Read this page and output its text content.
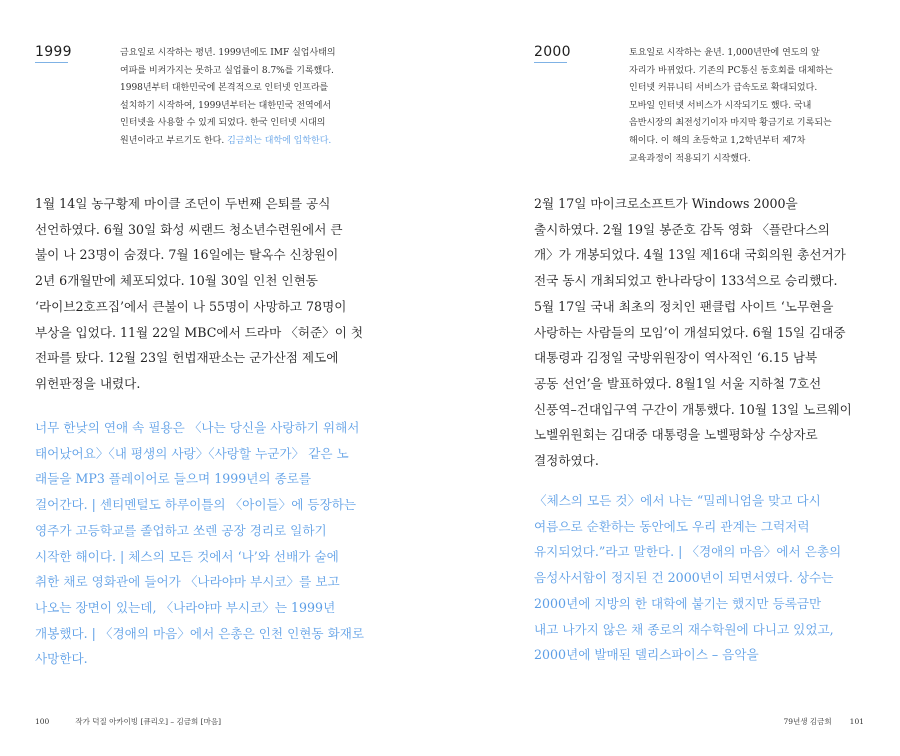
1999	금요일로 시작하는 평년. 1999년에도 IMF 실업사태의
여파를 비켜가지는 못하고 실업률이 8.7%를 기록했다.
1998년부터 대한민국에 본격적으로 인터넷 인프라를
설치하기 시작하여, 1999년부터는 대한민국 전역에서
인터넷을 사용할 수 있게 되었다. 한국 인터넷 시대의
원년이라고 부르기도 한다. 김금희는 대학에 입학한다.
1월 14일 농구황제 마이클 조던이 두번째 은퇴를 공식
선언하였다. 6월 30일 화성 씨랜드 청소년수련원에서 큰
불이 나 23명이 숨졌다. 7월 16일에는 탈옥수 신창원이
2년 6개월만에 체포되었다. 10월 30일 인천 인현동
‘라이브2호프집’에서 큰불이 나 55명이 사망하고 78명이
부상을 입었다. 11월 22일 MBC에서 드라마 〈허준〉이 첫
전파를 탔다. 12월 23일 헌법재판소는 군가산점 제도에
위헌판정을 내렸다.
너무 한낮의 연애 속 필용은 〈나는 당신을 사랑하기 위해서
태어났어요〉〈내 평생의 사랑〉〈사랑할 누군가〉 같은 노
래들을 MP3 플레이어로 들으며 1999년의 종로를
걸어간다. | 센티멘털도 하루이틀의 〈아이들〉에 등장하는
영주가 고등학교를 졸업하고 쏘렌 공장 경리로 일하기
시작한 해이다. | 체스의 모든 것에서 ‘나’와 선배가 술에
취한 채로 영화관에 들어가 〈나라야마 부시코〉를 보고
나오는 장면이 있는데, 〈나라야마 부시코〉는 1999년
개봉했다. | 〈경애의 마음〉에서 은총은 인천 인현동 화재로
사망한다.
100	작가 덕질 아카이빙 [큐리오] – 김금희 [마음]
2000	토요일로 시작하는 윤년. 1,000년만에 연도의 앞
자리가 바뀌었다. 기존의 PC통신 동호회를 대체하는
인터넷 커뮤니티 서비스가 급속도로 확대되었다.
모바일 인터넷 서비스가 시작되기도 했다. 국내
음반시장의 최전성기이자 마지막 황금기로 기록되는
해이다. 이 해의 초등학교 1,2학년부터 제7차
교육과정이 적용되기 시작했다.
2월 17일 마이크로소프트가 Windows 2000을
출시하였다. 2월 19일 봉준호 감독 영화 〈플란다스의
개〉가 개봉되었다. 4월 13일 제16대 국회의원 총선거가
전국 동시 개최되었고 한나라당이 133석으로 승리했다.
5월 17일 국내 최초의 정치인 팬클럽 사이트 ‘노무현을
사랑하는 사람들의 모임’이 개설되었다. 6월 15일 김대중
대통령과 김정일 국방위원장이 역사적인 ‘6.15 남북
공동 선언’을 발표하였다. 8월1일 서울 지하철 7호선
신풍역–건대입구역 구간이 개통했다. 10월 13일 노르웨이
노벨위원회는 김대중 대통령을 노벨평화상 수상자로
결정하였다.
〈체스의 모든 것〉에서 나는 “밀레니엄을 맞고 다시
여름으로 순환하는 동안에도 우리 관계는 그럭저럭
유지되었다.”라고 말한다. | 〈경애의 마음〉에서 은총의
음성사서함이 정지된 건 2000년이 되면서였다. 상수는
2000년에 지방의 한 대학에 붙기는 했지만 등록금만
내고 나가지 않은 채 종로의 재수학원에 다니고 있었고,
2000년에 발매된 델리스파이스 – 음악을
79년생 김금희 101
